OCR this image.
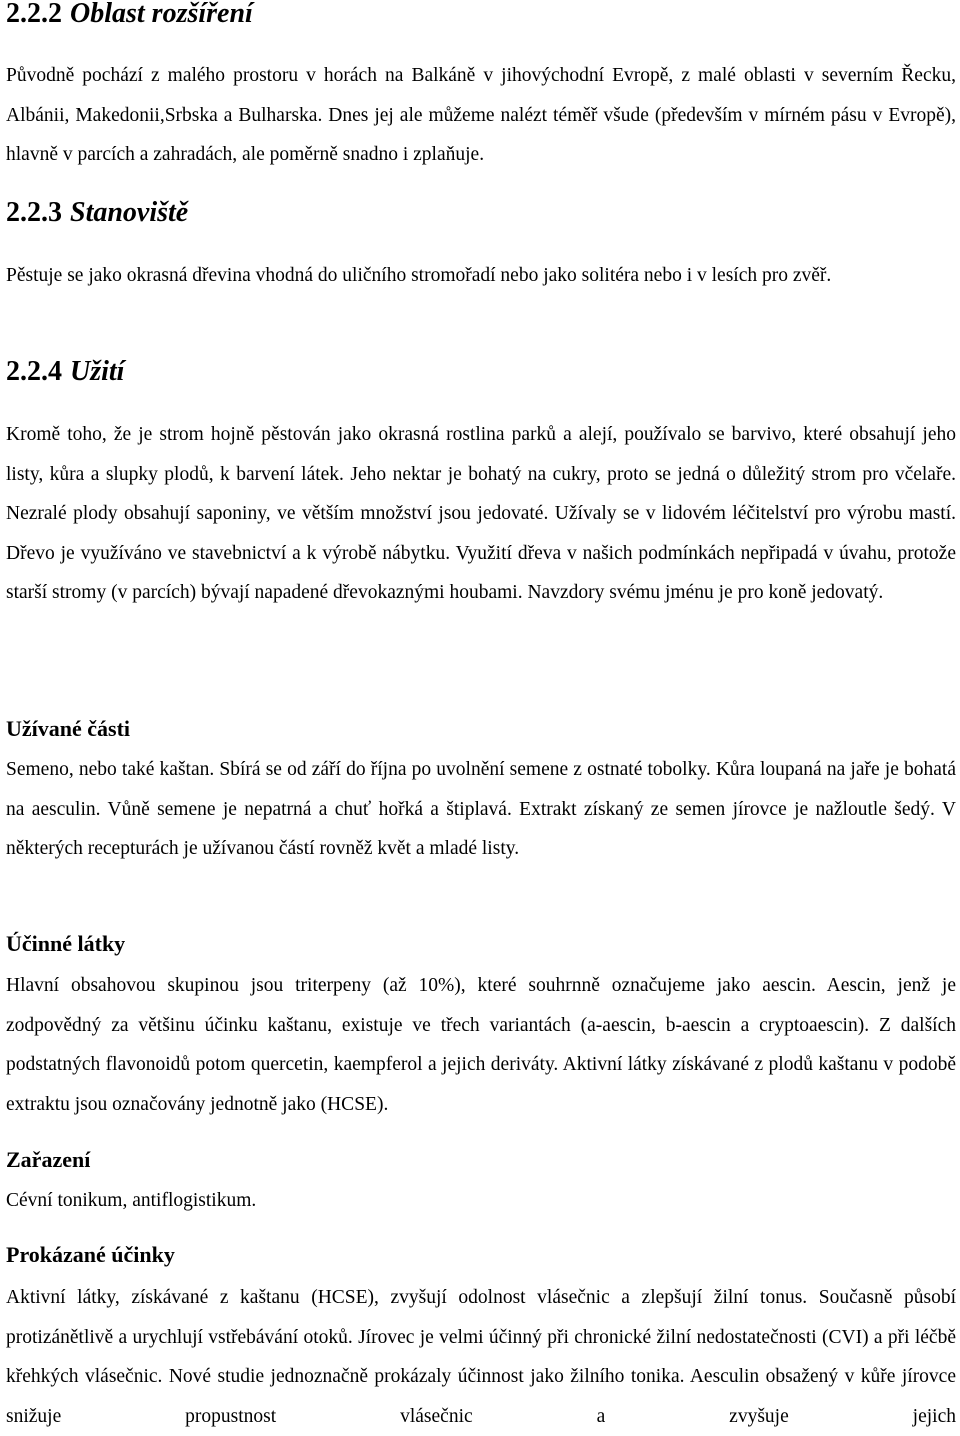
2.2.2 Oblast rozšíření

Původně pochází z malého prostoru v horách na Balkáně v jihovýchodní Evropě, z malé oblasti v severním Řecku, Albánii, Makedonii,Srbska a Bulharska. Dnes jej ale můžeme nalézt téměř všude (především v mírném pásu v Evropě), hlavně v parcích a zahradách, ale poměrně snadno i zplaňuje.

2.2.3 Stanoviště

Pěstuje se jako okrasná dřevina vhodná do uličního stromořadí nebo jako solitéra nebo i v lesích pro zvěř.

2.2.4 Užití

Kromě toho, že je strom hojně pěstován jako okrasná rostlina parků a alejí, používalo se barvivo, které obsahují jeho listy, kůra a slupky plodů, k barvení látek. Jeho nektar je bohatý na cukry, proto se jedná o důležitý strom pro včelaře. Nezralé plody obsahují saponiny, ve větším množství jsou jedovaté. Užívaly se v lidovém léčitelství pro výrobu mastí. Dřevo je využíváno ve stavebnictví a k výrobě nábytku. Využití dřeva v našich podmínkách nepřipadá v úvahu, protože starší stromy (v parcích) bývají napadené dřevokaznými houbami. Navzdory svému jménu je pro koně jedovatý.

Užívané části

Semeno, nebo také kaštan. Sbírá se od září do října po uvolnění semene z ostnaté tobolky. Kůra loupaná na jaře je bohatá na aesculin. Vůně semene je nepatrná a chuť hořká a štiplavá. Extrakt získaný ze semen jírovce je nažloutle šedý. V některých recepturách je užívanou částí rovněž květ a mladé listy.

Účinné látky

Hlavní obsahovou skupinou jsou triterpeny (až 10%), které souhrnně označujeme jako aescin. Aescin, jenž je zodpovědný za většinu účinku kaštanu, existuje ve třech variantách (a-aescin, b-aescin a cryptoaescin). Z dalších podstatných flavonoidů potom quercetin, kaempferol a jejich deriváty. Aktivní látky získávané z plodů kaštanu v podobě extraktu jsou označovány jednotně jako (HCSE).

Zařazení

Cévní tonikum, antiflogistikum.

Prokázané účinky

Aktivní látky, získávané z kaštanu (HCSE), zvyšují odolnost vlásečnic a zlepšují žilní tonus. Současně působí protizánětlivě a urychlují vstřebávání otoků. Jírovec je velmi účinný při chronické žilní nedostatečnosti (CVI) a při léčbě křehkých vlásečnic. Nové studie jednoznačně prokázaly účinnost jako žilního tonika. Aesculin obsažený v kůře jírovce snižuje propustnost vlásečnic a zvyšuje jejich
